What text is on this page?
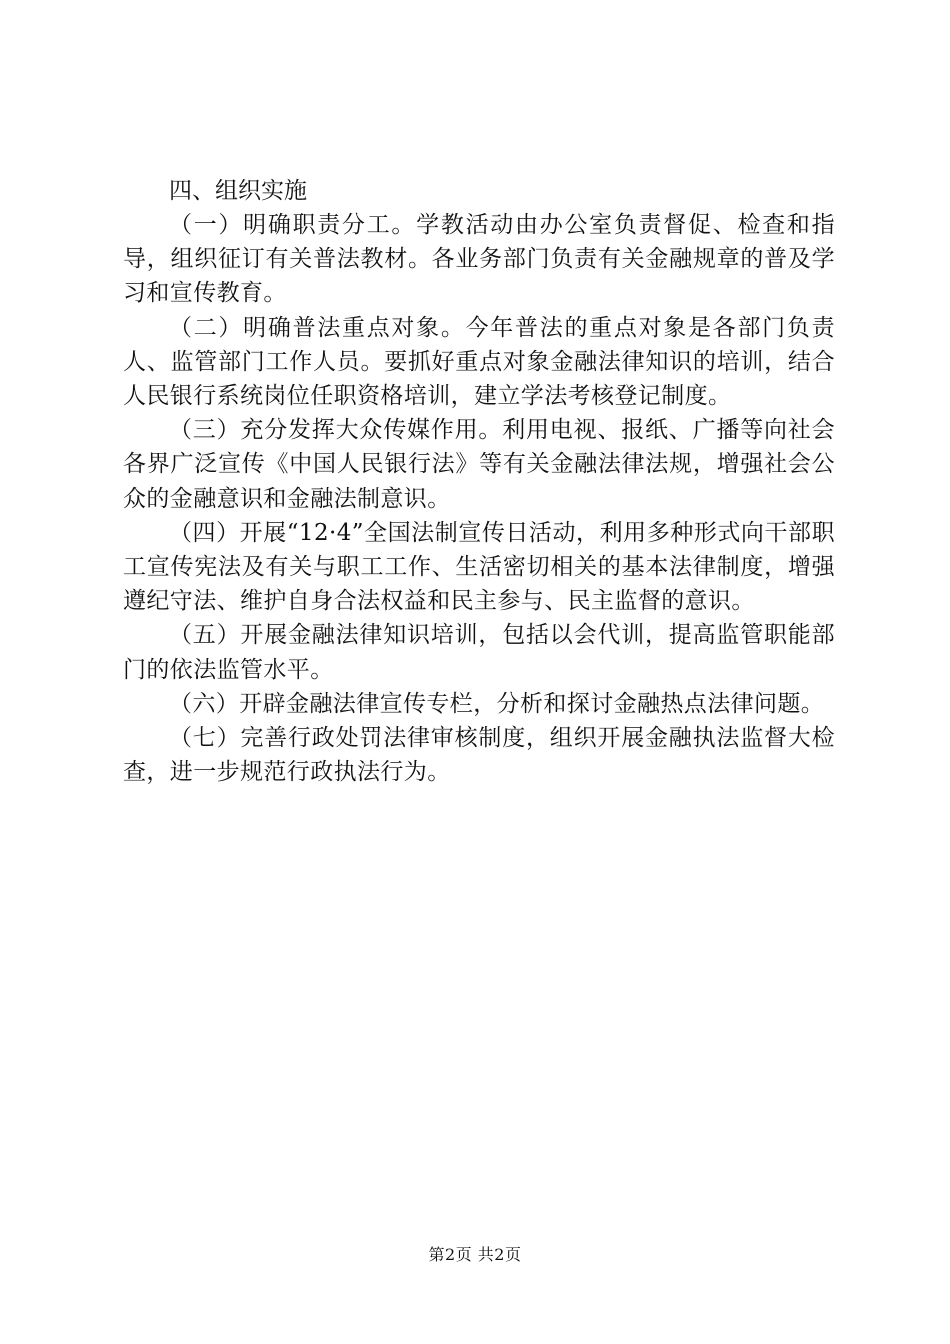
四、组织实施

（一）明确职责分工。学教活动由办公室负责督促、检查和指导，组织征订有关普法教材。各业务部门负责有关金融规章的普及学习和宣传教育。

（二）明确普法重点对象。今年普法的重点对象是各部门负责人、监管部门工作人员。要抓好重点对象金融法律知识的培训，结合人民银行系统岗位任职资格培训，建立学法考核登记制度。

（三）充分发挥大众传媒作用。利用电视、报纸、广播等向社会各界广泛宣传《中国人民银行法》等有关金融法律法规，增强社会公众的金融意识和金融法制意识。

（四）开展“12·4”全国法制宣传日活动，利用多种形式向干部职工宣传宪法及有关与职工工作、生活密切相关的基本法律制度，增强遵纪守法、维护自身合法权益和民主参与、民主监督的意识。

（五）开展金融法律知识培训，包括以会代训，提高监管职能部门的依法监管水平。

（六）开辟金融法律宣传专栏，分析和探讨金融热点法律问题。

（七）完善行政处罚法律审核制度，组织开展金融执法监督大检查，进一步规范行政执法行为。

第2页 共2页
